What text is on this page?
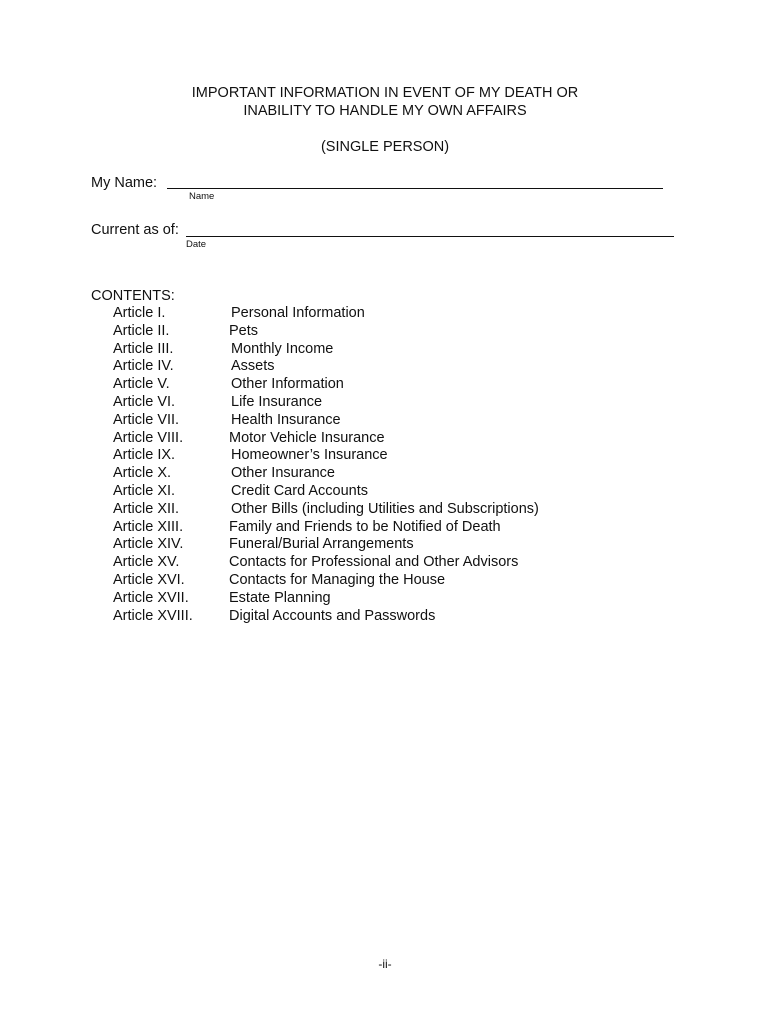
IMPORTANT INFORMATION IN EVENT OF MY DEATH OR
INABILITY TO HANDLE MY OWN AFFAIRS
(SINGLE PERSON)
My Name:
Name
Current as of:
Date
CONTENTS:
Article I.	Personal Information
Article II.	Pets
Article III.	Monthly Income
Article IV.	Assets
Article V.	Other Information
Article VI.	Life Insurance
Article VII.	Health Insurance
Article VIII.	Motor Vehicle Insurance
Article IX.	Homeowner’s Insurance
Article X.	Other Insurance
Article XI.	Credit Card Accounts
Article XII.	Other Bills (including Utilities and Subscriptions)
Article XIII.	Family and Friends to be Notified of Death
Article XIV.	Funeral/Burial Arrangements
Article XV.	Contacts for Professional and Other Advisors
Article XVI.	Contacts for Managing the House
Article XVII.	Estate Planning
Article XVIII. Digital Accounts and Passwords
-ii-
